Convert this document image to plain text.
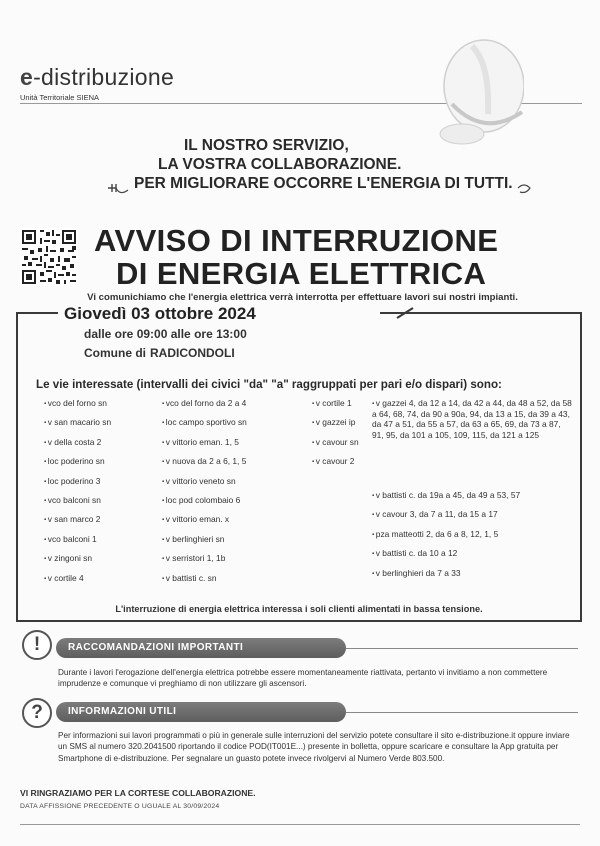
e-distribuzione
Unità Territoriale SIENA
IL NOSTRO SERVIZIO,
LA VOSTRA COLLABORAZIONE.
PER MIGLIORARE OCCORRE L'ENERGIA DI TUTTI.
AVVISO DI INTERRUZIONE
DI ENERGIA ELETTRICA
Vi comunichiamo che l'energia elettrica verrà interrotta per effettuare lavori sui nostri impianti.
Giovedì 03 ottobre 2024
dalle ore 09:00 alle ore 13:00
Comune di RADICONDOLI
Le vie interessate (intervalli dei civici "da" "a" raggruppati per pari e/o dispari) sono:
▪ vco del forno sn
▪ v san macario sn
▪ v della costa 2
▪ loc poderino sn
▪ loc poderino 3
▪ vco balconi sn
▪ v san marco 2
▪ vco balconi 1
▪ v zingoni sn
▪ v cortile 4
▪ vco del forno da 2 a 4
▪ loc campo sportivo sn
▪ v vittorio eman. 1, 5
▪ v nuova da 2 a 6, 1, 5
▪ v vittorio veneto sn
▪ loc pod colombaio 6
▪ v vittorio eman. x
▪ v berlinghieri sn
▪ v serristori 1, 1b
▪ v battisti c. sn
▪ v cortile 1
▪ v gazzei ip
▪ v cavour sn
▪ v cavour 2
▪ v gazzei 4, da 12 a 14, da 42 a 44, da 48 a 52, da 58 a 64, 68, 74, da 90 a 90a, 94, da 13 a 15, da 39 a 43, da 47 a 51, da 55 a 57, da 63 a 65, 69, da 73 a 87, 91, 95, da 101 a 105, 109, 115, da 121 a 125
▪ v battisti c. da 19a a 45, da 49 a 53, 57
▪ v cavour 3, da 7 a 11, da 15 a 17
▪ pza matteotti 2, da 6 a 8, 12, 1, 5
▪ v battisti c. da 10 a 12
▪ v berlinghieri da 7 a 33
L'interruzione di energia elettrica interessa i soli clienti alimentati in bassa tensione.
!	RACCOMANDAZIONI IMPORTANTI
Durante i lavori l'erogazione dell'energia elettrica potrebbe essere momentaneamente riattivata, pertanto vi invitiamo a non commettere imprudenze e comunque vi preghiamo di non utilizzare gli ascensori.
?	INFORMAZIONI UTILI
Per informazioni sui lavori programmati o più in generale sulle interruzioni del servizio potete consultare il sito e-distribuzione.it oppure inviare un SMS al numero 320.2041500 riportando il codice POD(IT001E...) presente in bolletta, oppure scaricare e consultare la App gratuita per Smartphone di e-distribuzione. Per segnalare un guasto potete invece rivolgervi al Numero Verde 803.500.
VI RINGRAZIAMO PER LA CORTESE COLLABORAZIONE.
DATA AFFISSIONE PRECEDENTE O UGUALE AL 30/09/2024
